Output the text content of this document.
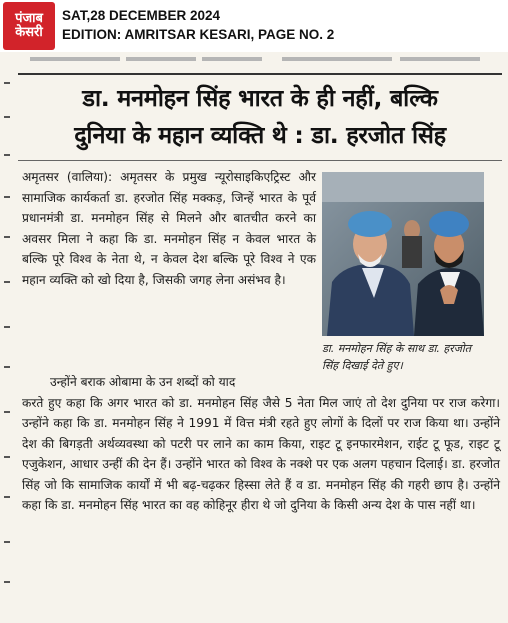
पंजाब
केसरी
SAT,28 DECEMBER 2024
EDITION: AMRITSAR KESARI, PAGE NO. 2
डा. मनमोहन सिंह भारत के ही नहीं, बल्कि
दुनिया के महान व्यक्ति थे : डा. हरजोत सिंह

अमृतसर (वालिया): अमृतसर के प्रमुख न्यूरोसाइकिएट्रिस्ट और सामाजिक कार्यकर्ता डा. हरजोत सिंह मक्कड़, जिन्हें भारत के पूर्व प्रधानमंत्री डा. मनमोहन सिंह से मिलने और बातचीत करने का अवसर मिला ने कहा कि डा. मनमोहन सिंह न केवल भारत के बल्कि पूरे विश्व के नेता थे, न केवल देश बल्कि पूरे विश्व ने एक महान व्यक्ति को खो दिया है, जिसकी जगह लेना असंभव है।

डा. मनमोहन सिंह के साथ डा. हरजोत सिंह दिखाई देते हुए।

उन्होंने बराक ओबामा के उन शब्दों को याद

करते हुए कहा कि अगर भारत को डा. मनमोहन सिंह जैसे 5 नेता मिल जाएं तो देश दुनिया पर राज करेगा। उन्होंने कहा कि डा. मनमोहन सिंह ने 1991 में वित्त मंत्री रहते हुए लोगों के दिलों पर राज किया था। उन्होंने देश की बिगड़ती अर्थव्यवस्था को पटरी पर लाने का काम किया, राइट टू इनफारमेशन, राईट टू फूड, राइट टू एजुकेशन, आधार उन्हीं की देन हैं। उन्होंने भारत को विश्व के नक्शे पर एक अलग पहचान दिलाई। डा. हरजोत सिंह जो कि सामाजिक कार्यों में भी बढ़-चढ़कर हिस्सा लेते हैं व डा. मनमोहन सिंह की गहरी छाप है। उन्होंने कहा कि डा. मनमोहन सिंह भारत का वह कोहिनूर हीरा थे जो दुनिया के किसी अन्य देश के पास नहीं था।
